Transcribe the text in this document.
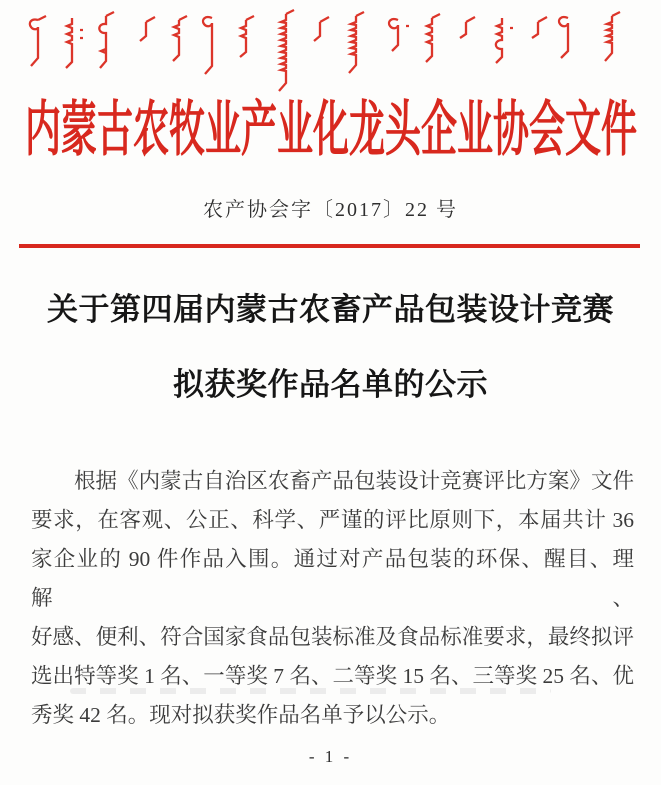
内蒙古农牧业产业化龙头企业协会文件
农产协会字〔2017〕22 号
关于第四届内蒙古农畜产品包装设计竞赛
拟获奖作品名单的公示
根据《内蒙古自治区农畜产品包装设计竞赛评比方案》文件
要求，在客观、公正、科学、严谨的评比原则下，本届共计 36
家企业的 90 件作品入围。通过对产品包装的环保、醒目、理解、
好感、便利、符合国家食品包装标准及食品标准要求，最终拟评
选出特等奖 1 名、一等奖 7 名、二等奖 15 名、三等奖 25 名、优
秀奖 42 名。现对拟获奖作品名单予以公示。
- 1 -
